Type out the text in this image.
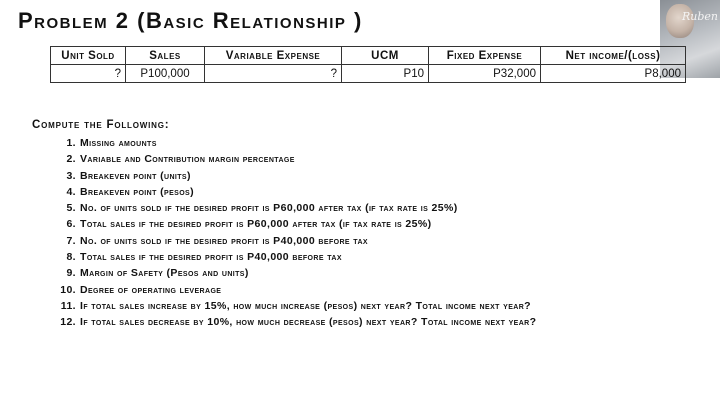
Problem 2 (Basic Relationship )	Ruben
Unit Sold	Sales	Variable Expense	UCM	Fixed Expense	Net income/(loss)
?	P100,000	?	P10	P32,000	P8,000
Compute the Following:
1. Missing amounts
2. Variable and Contribution margin percentage
3. Breakeven point (units)
4. Breakeven point (pesos)
5. No. of units sold if the desired profit is P60,000 after tax (if tax rate is 25%)
6. Total sales if the desired profit is P60,000 after tax (if tax rate is 25%)
7. No. of units sold if the desired profit is P40,000 before tax
8. Total sales if the desired profit is P40,000 before tax
9. Margin of Safety (Pesos and units)
10. Degree of operating leverage
11. If total sales increase by 15%, how much increase (pesos) next year? Total income next year?
12. If total sales decrease by 10%, how much decrease (pesos) next year? Total income next year?
